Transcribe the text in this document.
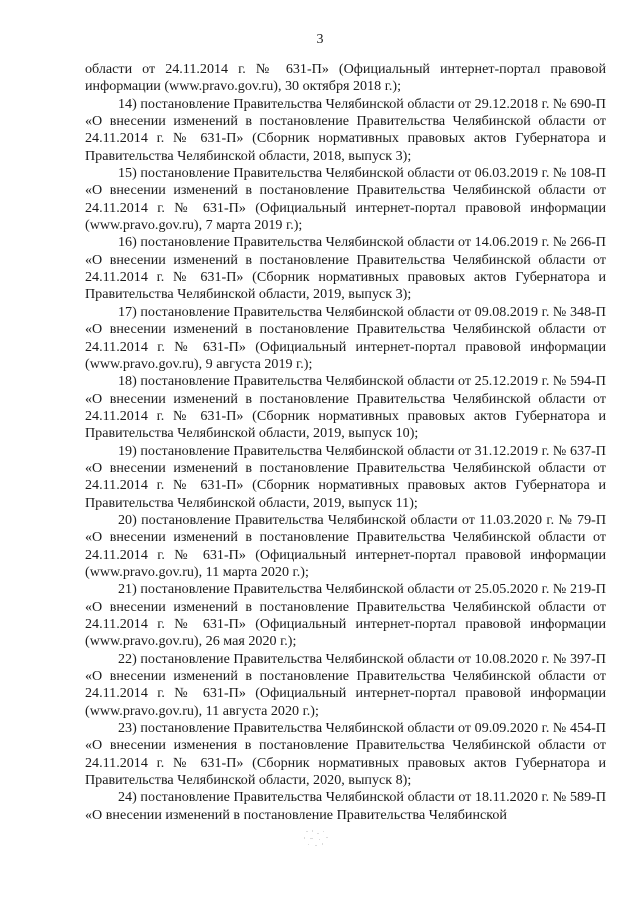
3

области от 24.11.2014 г. № 631-П» (Официальный интернет-портал правовой информации (www.pravo.gov.ru), 30 октября 2018 г.);

14) постановление Правительства Челябинской области от 29.12.2018 г. № 690-П «О внесении изменений в постановление Правительства Челябинской области от 24.11.2014 г. № 631-П» (Сборник нормативных правовых актов Губернатора и Правительства Челябинской области, 2018, выпуск 3);

15) постановление Правительства Челябинской области от 06.03.2019 г. № 108-П «О внесении изменений в постановление Правительства Челябинской области от 24.11.2014 г. № 631-П» (Официальный интернет-портал правовой информации (www.pravo.gov.ru), 7 марта 2019 г.);

16) постановление Правительства Челябинской области от 14.06.2019 г. № 266-П «О внесении изменений в постановление Правительства Челябинской области от 24.11.2014 г. № 631-П» (Сборник нормативных правовых актов Губернатора и Правительства Челябинской области, 2019, выпуск 3);

17) постановление Правительства Челябинской области от 09.08.2019 г. № 348-П «О внесении изменений в постановление Правительства Челябинской области от 24.11.2014 г. № 631-П» (Официальный интернет-портал правовой информации (www.pravo.gov.ru), 9 августа 2019 г.);

18) постановление Правительства Челябинской области от 25.12.2019 г. № 594-П «О внесении изменений в постановление Правительства Челябинской области от 24.11.2014 г. № 631-П» (Сборник нормативных правовых актов Губернатора и Правительства Челябинской области, 2019, выпуск 10);

19) постановление Правительства Челябинской области от 31.12.2019 г. № 637-П «О внесении изменений в постановление Правительства Челябинской области от 24.11.2014 г. № 631-П» (Сборник нормативных правовых актов Губернатора и Правительства Челябинской области, 2019, выпуск 11);

20) постановление Правительства Челябинской области от 11.03.2020 г. № 79-П «О внесении изменений в постановление Правительства Челябинской области от 24.11.2014 г. № 631-П» (Официальный интернет-портал правовой информации (www.pravo.gov.ru), 11 марта 2020 г.);

21) постановление Правительства Челябинской области от 25.05.2020 г. № 219-П «О внесении изменений в постановление Правительства Челябинской области от 24.11.2014 г. № 631-П» (Официальный интернет-портал правовой информации (www.pravo.gov.ru), 26 мая 2020 г.);

22) постановление Правительства Челябинской области от 10.08.2020 г. № 397-П «О внесении изменений в постановление Правительства Челябинской области от 24.11.2014 г. № 631-П» (Официальный интернет-портал правовой информации (www.pravo.gov.ru), 11 августа 2020 г.);

23) постановление Правительства Челябинской области от 09.09.2020 г. № 454-П «О внесении изменения в постановление Правительства Челябинской области от 24.11.2014 г. № 631-П» (Сборник нормативных правовых актов Губернатора и Правительства Челябинской области, 2020, выпуск 8);

24) постановление Правительства Челябинской области от 18.11.2020 г. № 589-П «О внесении изменений в постановление Правительства Челябинской
